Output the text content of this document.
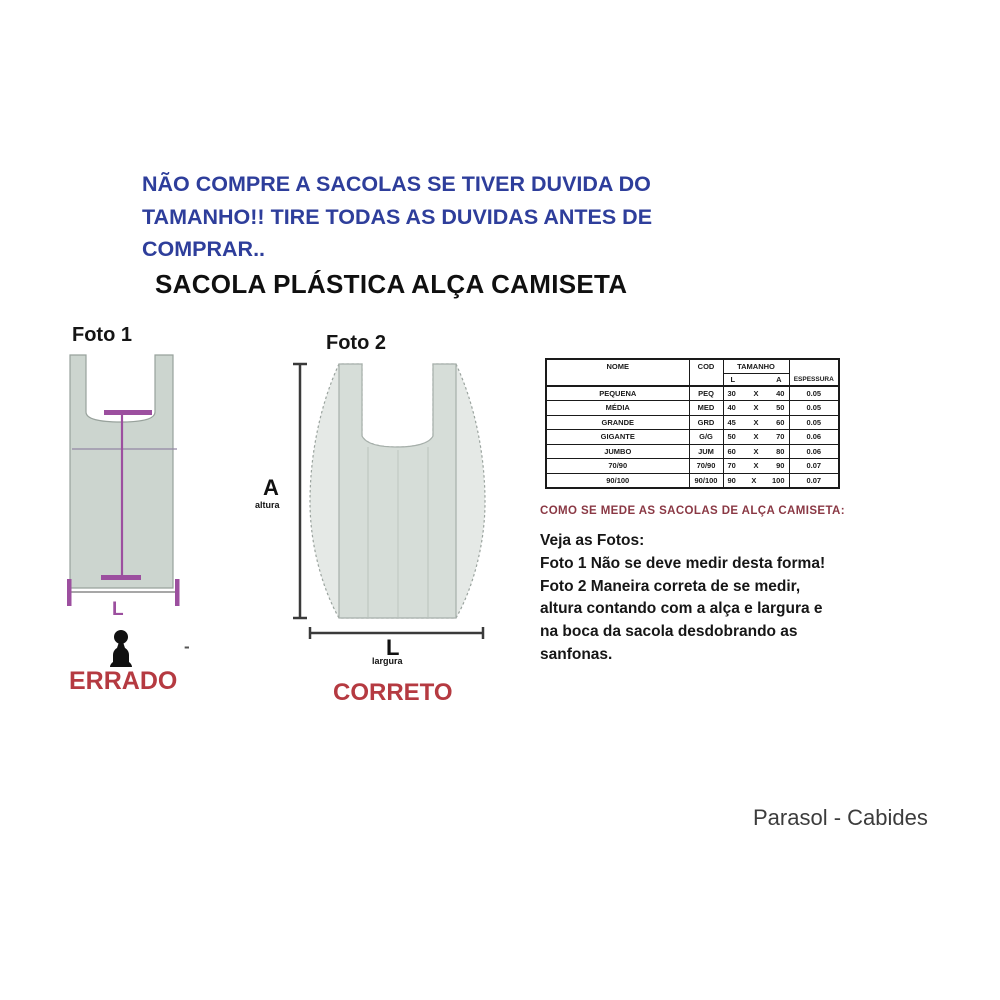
NÃO COMPRE A SACOLAS SE TIVER DUVIDA DO
TAMANHO!! TIRE TODAS AS DUVIDAS ANTES DE
COMPRAR..
SACOLA PLÁSTICA ALÇA CAMISETA
Foto 1
L
-
ERRADO
Foto 2
A
altura
L
largura
CORRETO
NOME	COD	TAMANHO	ESPESSURA

		L A	

PEQUENA	PEQ	30 X 40	0.05
MÉDIA	MED	40 X 50	0.05
GRANDE	GRD	45 X 60	0.05
GIGANTE	G/G	50 X 70	0.06
JUMBO	JUM	60 X 80	0.06
70/90	70/90	70 X 90	0.07
90/100	90/100	90 X 100	0.07
COMO SE MEDE AS SACOLAS DE ALÇA CAMISETA:
Veja as Fotos:
Foto 1 Não se deve medir desta forma!
Foto 2 Maneira correta de se medir,
altura contando com a alça e largura e
na boca da sacola desdobrando as
sanfonas.
Parasol - Cabides
